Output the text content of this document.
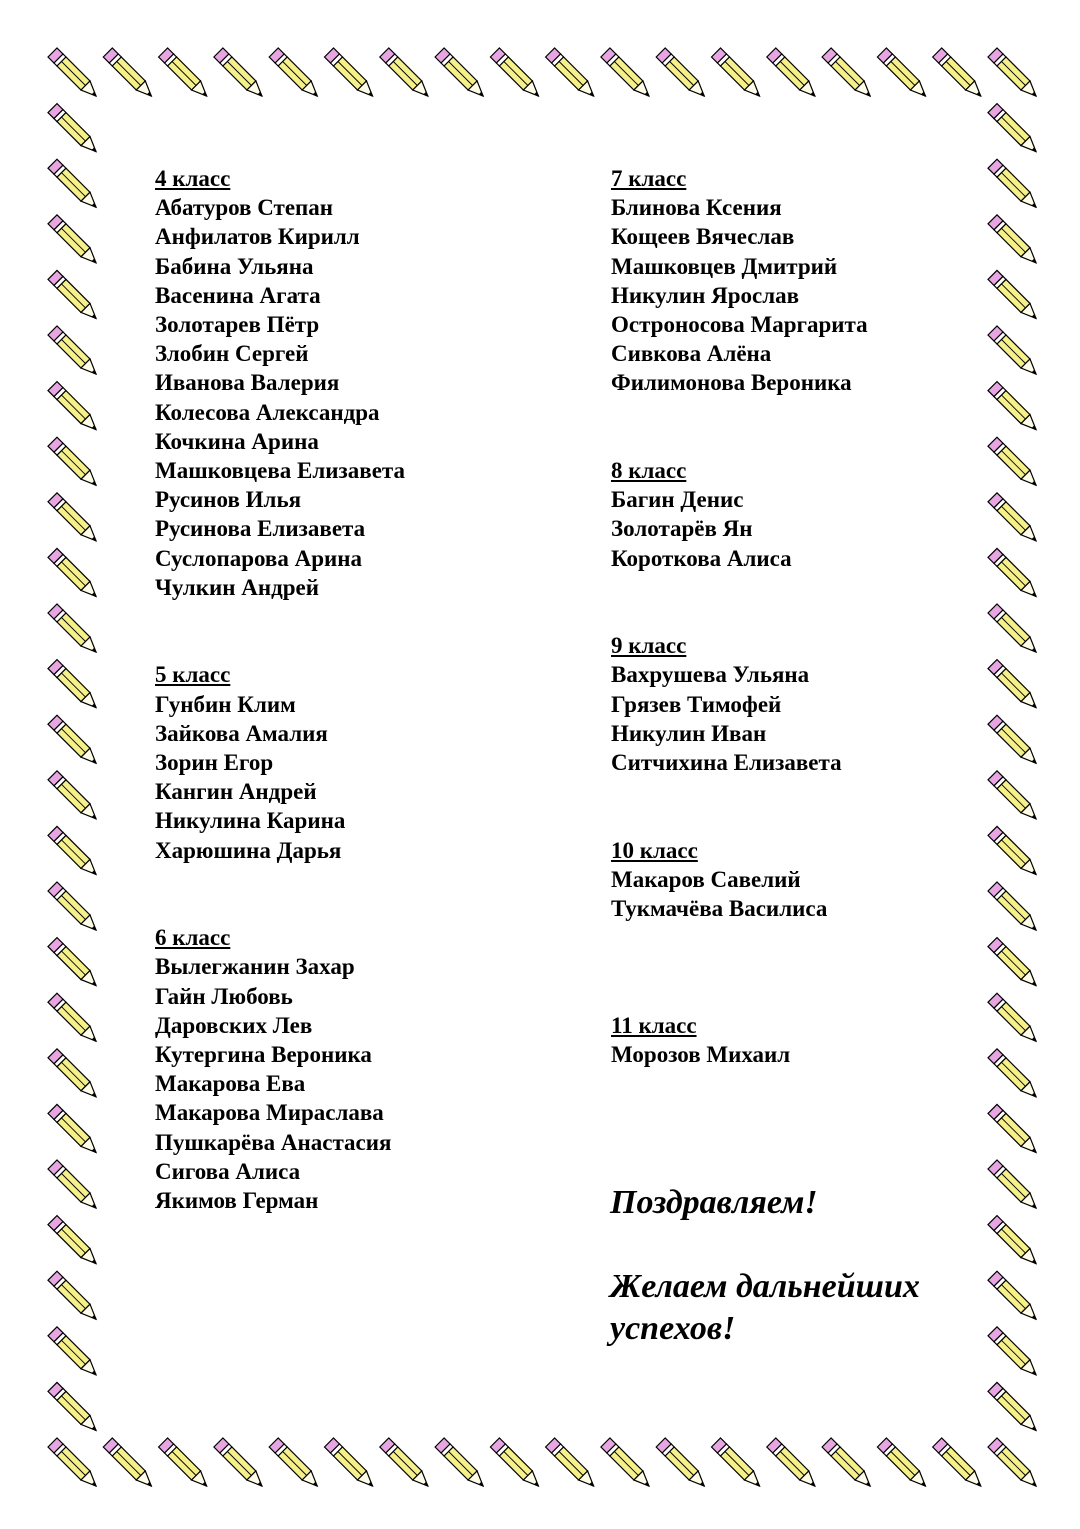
4 класс
Абатуров Степан
Анфилатов Кирилл
Бабина Ульяна
Васенина Агата
Золотарев Пётр
Злобин Сергей
Иванова Валерия
Колесова Александра
Кочкина Арина
Машковцева Елизавета
Русинов Илья
Русинова Елизавета
Суслопарова Арина
Чулкин Андрей
5 класс
Гунбин Клим
Зайкова Амалия
Зорин Егор
Кангин Андрей
Никулина Карина
Харюшина Дарья
6 класс
Вылегжанин Захар
Гайн Любовь
Даровских Лев
Кутергина Вероника
Макарова Ева
Макарова Мираслава
Пушкарёва Анастасия
Сигова Алиса
Якимов Герман
7 класс
Блинова Ксения
Кощеев Вячеслав
Машковцев Дмитрий
Никулин Ярослав
Остроносова Маргарита
Сивкова Алёна
Филимонова Вероника
8 класс
Багин Денис
Золотарёв Ян
Короткова Алиса
9 класс
Вахрушева Ульяна
Грязев Тимофей
Никулин Иван
Ситчихина Елизавета
10 класс
Макаров Савелий
Тукмачёва Василиса
11 класс
Морозов Михаил
Поздравляем!
Желаем дальнейших успехов!
